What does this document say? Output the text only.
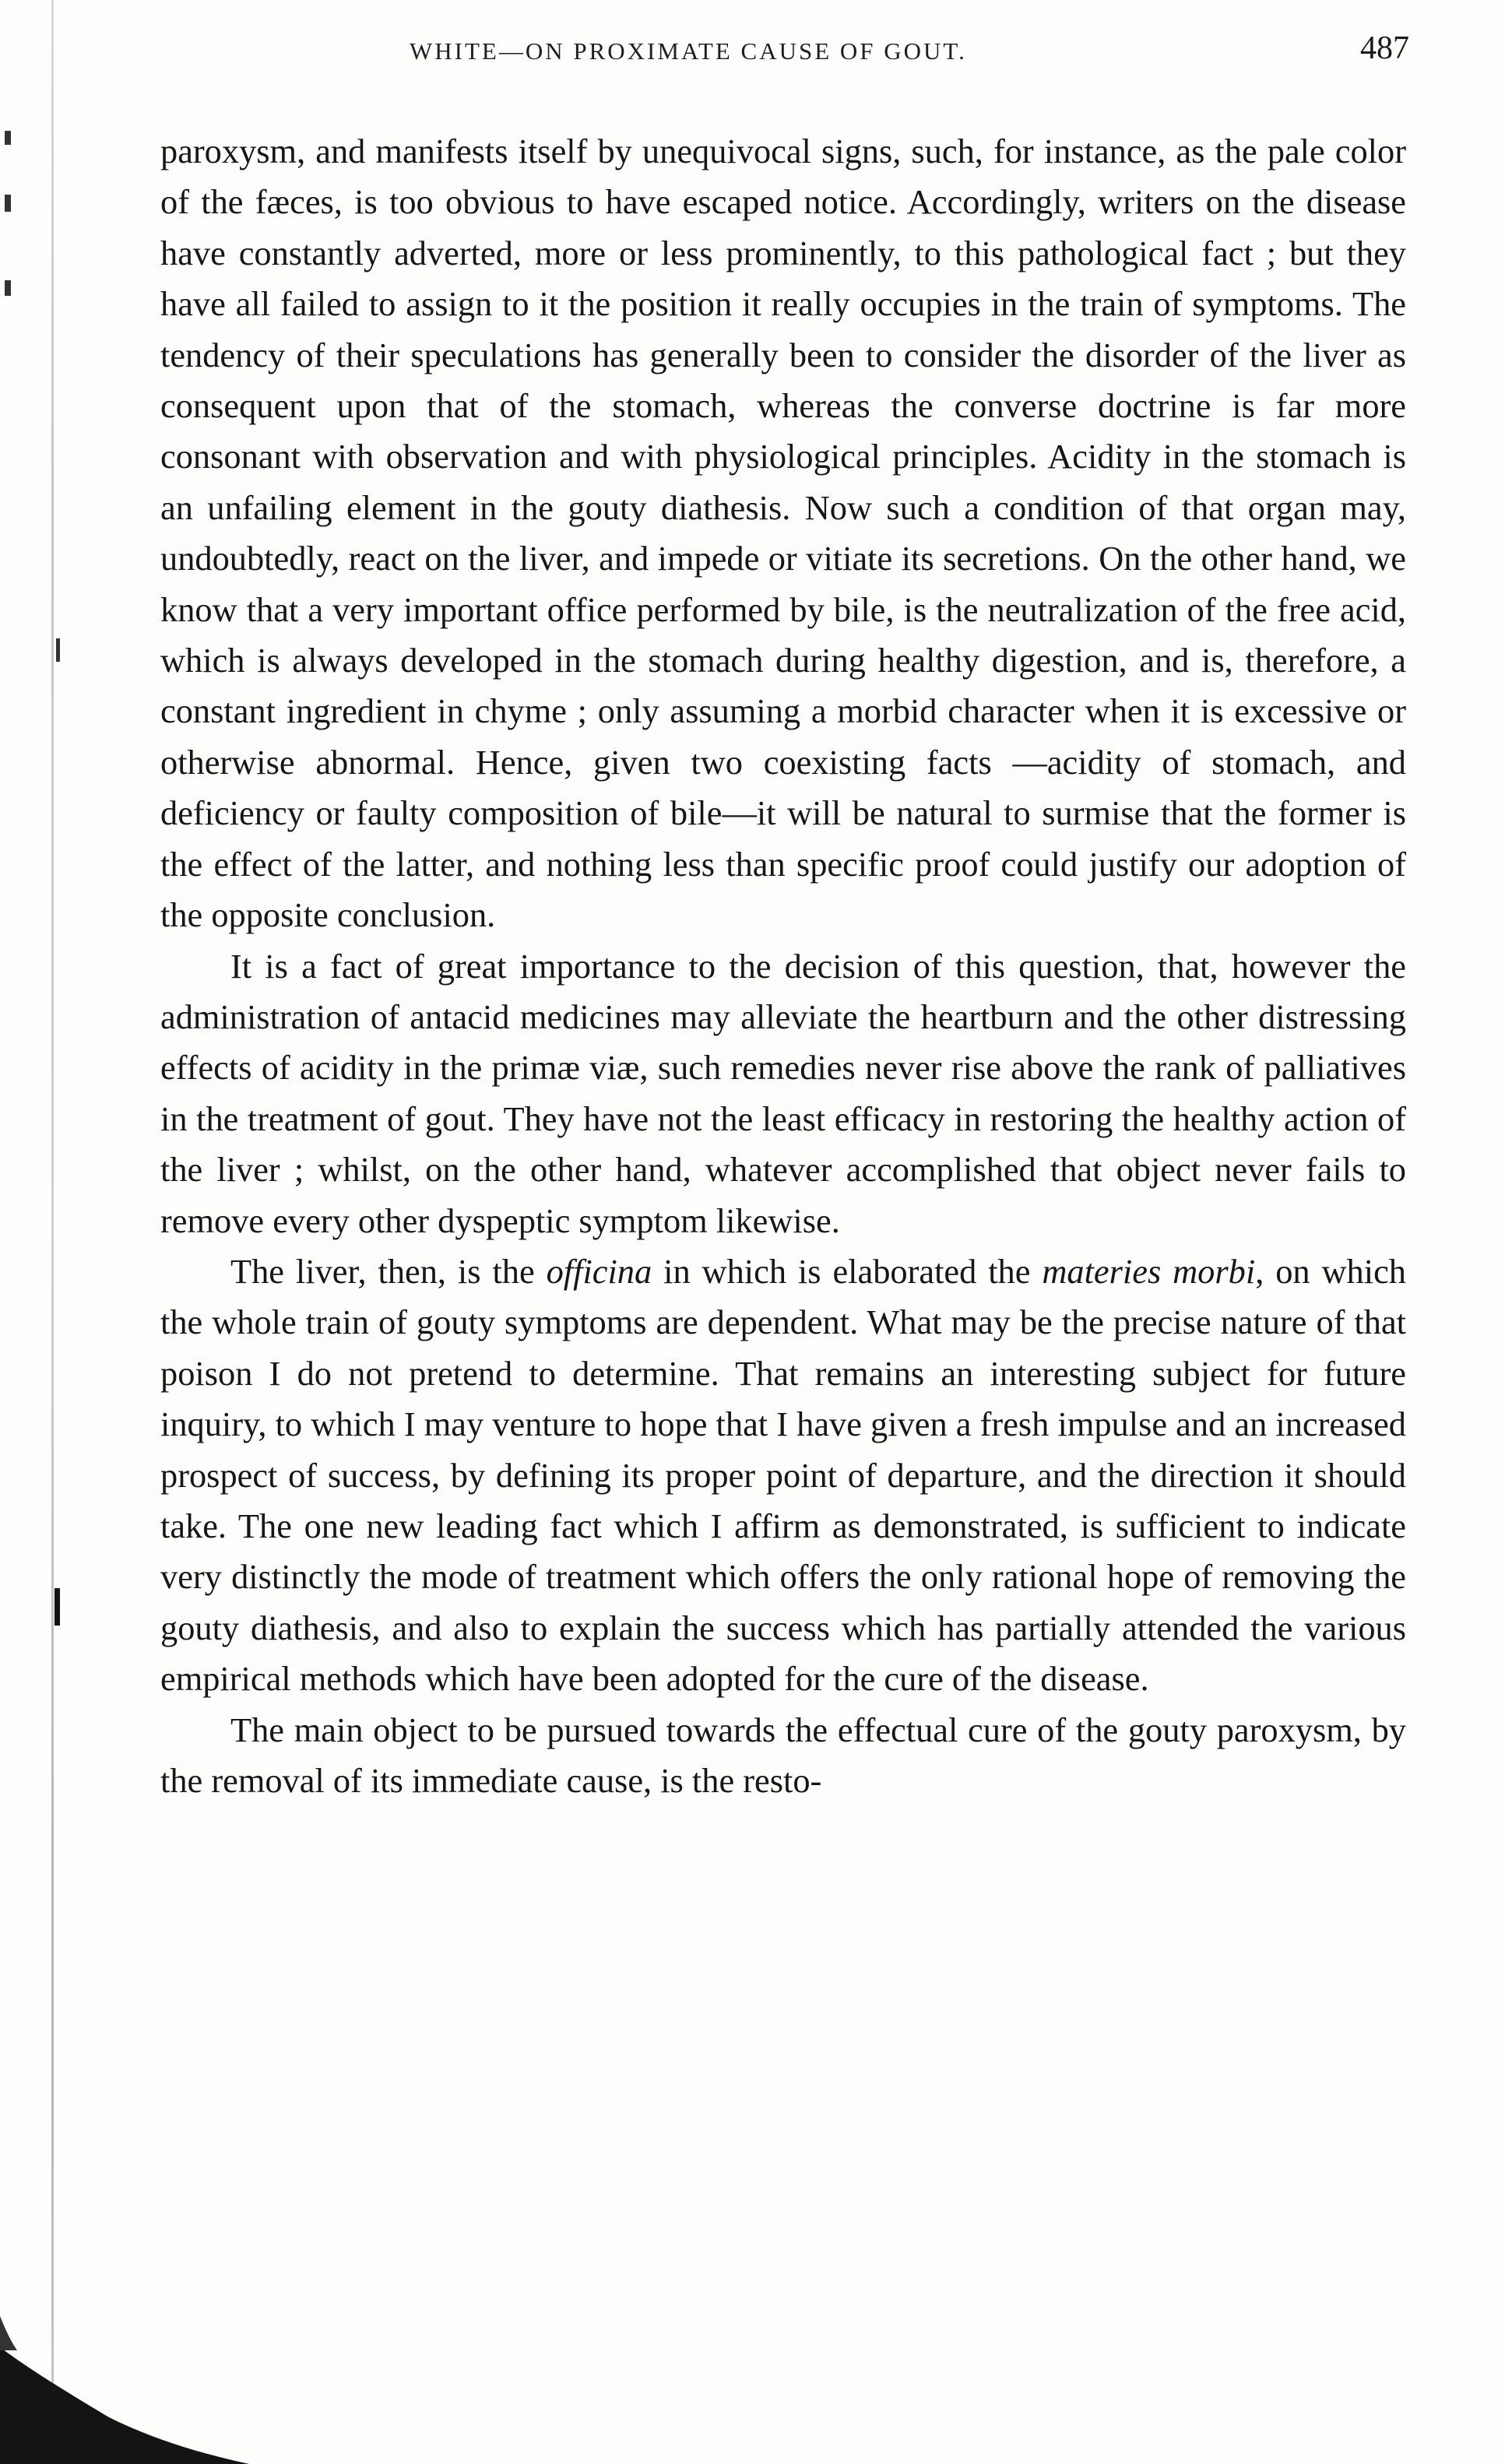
WHITE—ON PROXIMATE CAUSE OF GOUT.	487

paroxysm, and manifests itself by unequivocal signs, such, for instance, as the pale color of the fæces, is too obvious to have escaped notice. Accordingly, writers on the disease have constantly adverted, more or less prominently, to this pathological fact ; but they have all failed to assign to it the position it really occupies in the train of symptoms. The tendency of their speculations has generally been to consider the disorder of the liver as consequent upon that of the stomach, whereas the converse doctrine is far more consonant with observation and with physiological principles. Acidity in the stomach is an unfailing element in the gouty diathesis. Now such a condition of that organ may, undoubtedly, react on the liver, and impede or vitiate its secretions. On the other hand, we know that a very important office performed by bile, is the neutralization of the free acid, which is always developed in the stomach during healthy digestion, and is, therefore, a constant ingredient in chyme ; only assuming a morbid character when it is excessive or otherwise abnormal. Hence, given two coexisting facts —acidity of stomach, and deficiency or faulty composition of bile—it will be natural to surmise that the former is the effect of the latter, and nothing less than specific proof could justify our adoption of the opposite conclusion.

It is a fact of great importance to the decision of this question, that, however the administration of antacid medicines may alleviate the heartburn and the other distressing effects of acidity in the primæ viæ, such remedies never rise above the rank of palliatives in the treatment of gout. They have not the least efficacy in restoring the healthy action of the liver ; whilst, on the other hand, whatever accomplished that object never fails to remove every other dyspeptic symptom likewise.

The liver, then, is the officina in which is elaborated the materies morbi, on which the whole train of gouty symptoms are dependent. What may be the precise nature of that poison I do not pretend to determine. That remains an interesting subject for future inquiry, to which I may venture to hope that I have given a fresh impulse and an increased prospect of success, by defining its proper point of departure, and the direction it should take. The one new leading fact which I affirm as demonstrated, is sufficient to indicate very distinctly the mode of treatment which offers the only rational hope of removing the gouty diathesis, and also to explain the success which has partially attended the various empirical methods which have been adopted for the cure of the disease.

The main object to be pursued towards the effectual cure of the gouty paroxysm, by the removal of its immediate cause, is the resto-
